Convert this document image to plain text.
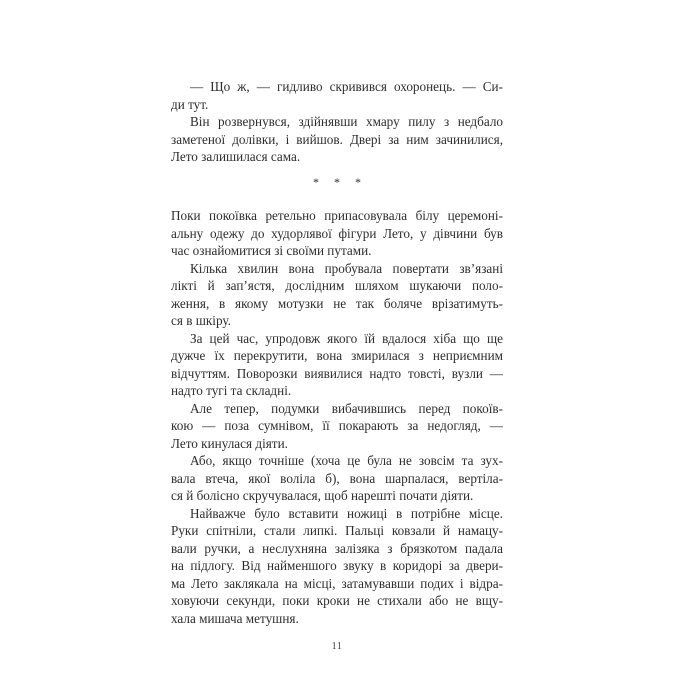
— Що ж, — гидливо скривився охоронець. — Си-
ди тут.
Він розвернувся, здійнявши хмару пилу з недбало
заметеної долівки, і вийшов. Двері за ним зачинилися,
Лето залишилася сама.
* * *
Поки покоївка ретельно припасовувала білу церемоні-
альну одежу до худорлявої фігури Лето, у дівчини був
час ознайомитися зі своїми путами.
Кілька хвилин вона пробувала повертати зв’язані
лікті й зап’ястя, дослідним шляхом шукаючи поло-
ження, в якому мотузки не так боляче врізатимуть-
ся в шкіру.
За цей час, упродовж якого їй вдалося хіба що ще
дужче їх перекрутити, вона змирилася з неприємним
відчуттям. Поворозки виявилися надто товсті, вузли —
надто тугі та складні.
Але тепер, подумки вибачившись перед покоїв-
кою — поза сумнівом, її покарають за недогляд, —
Лето кинулася діяти.
Або, якщо точніше (хоча це була не зовсім та зух-
вала втеча, якої воліла б), вона шарпалася, вертіла-
ся й болісно скручувалася, щоб нарешті почати діяти.
Найважче було вставити ножиці в потрібне місце.
Руки спітніли, стали липкі. Пальці ковзали й намацу-
вали ручки, а неслухняна залізяка з брязкотом падала
на підлогу. Від найменшого звуку в коридорі за двери-
ма Лето заклякала на місці, затамувавши подих і відра-
ховуючи секунди, поки кроки не стихали або не вщу-
хала мишача метушня.
11
